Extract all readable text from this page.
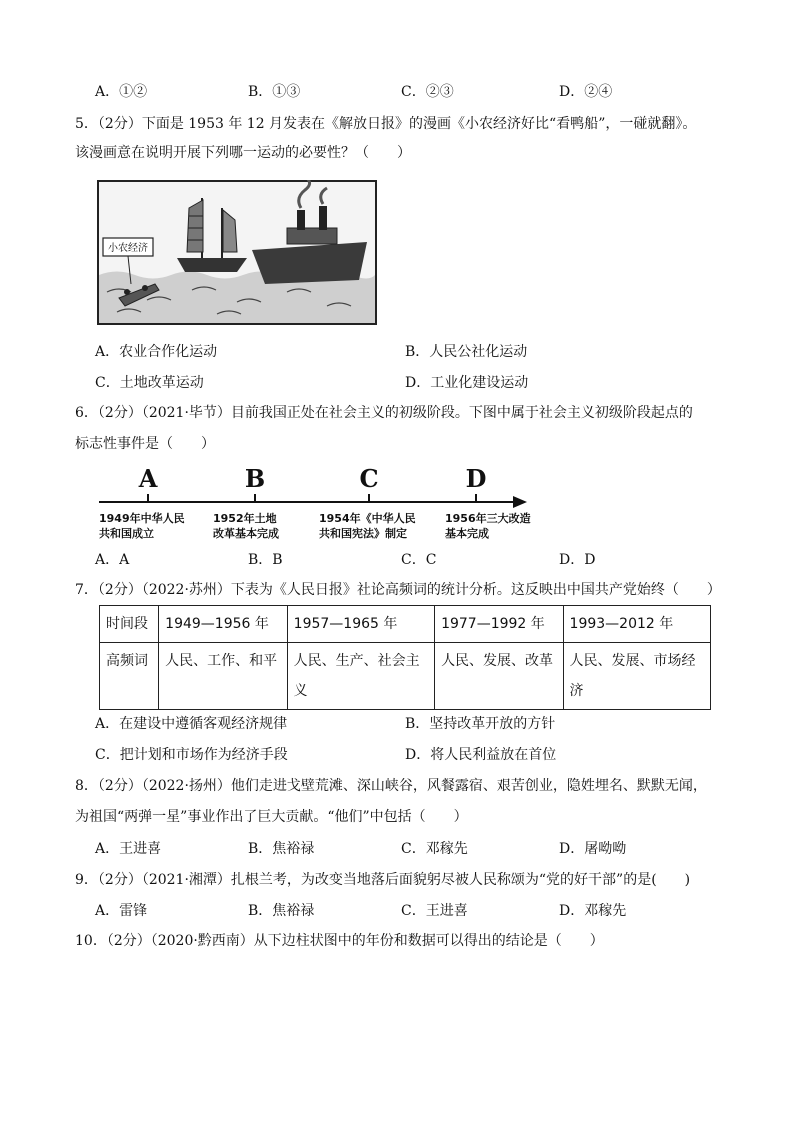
A．①②	B．①③	C．②③	D．②④
5．（2分）下面是 1953 年 12 月发表在《解放日报》的漫画《小农经济好比“看鸭船”，一碰就翻》。
该漫画意在说明开展下列哪一运动的必要性？（　　）
小农经济
A．农业合作化运动	B．人民公社化运动
C．土地改革运动	D．工业化建设运动
6．（2分）（2021·毕节）目前我国正处在社会主义的初级阶段。下图中属于社会主义初级阶段起点的
标志性事件是（　　）
A	B	C	D
1949年中华人民
共和国成立
1952年土地
改革基本完成
1954年《中华人民
共和国宪法》制定
1956年三大改造
基本完成
A．A	B．B	C．C	D．D
7．（2分）（2022·苏州）下表为《人民日报》社论高频词的统计分析。这反映出中国共产党始终（　　）
时间段	1949—1956 年	1957—1965 年	1977—1992 年	1993—2012 年
高频词	人民、工作、和平	人民、生产、社会主义	人民、发展、改革	人民、发展、市场经济
A．在建设中遵循客观经济规律	B．坚持改革开放的方针
C．把计划和市场作为经济手段	D．将人民利益放在首位
8．（2分）（2022·扬州）他们走进戈壁荒滩、深山峡谷，风餐露宿、艰苦创业，隐姓埋名、默默无闻，
为祖国“两弹一星”事业作出了巨大贡献。“他们”中包括（　　）
A．王进喜	B．焦裕禄	C．邓稼先	D．屠呦呦
9．（2分）（2021·湘潭）扎根兰考，为改变当地落后面貌躬尽被人民称颂为“党的好干部”的是(　　)
A．雷锋	B．焦裕禄	C．王进喜	D．邓稼先
10．（2分）（2020·黔西南）从下边柱状图中的年份和数据可以得出的结论是（　　）
